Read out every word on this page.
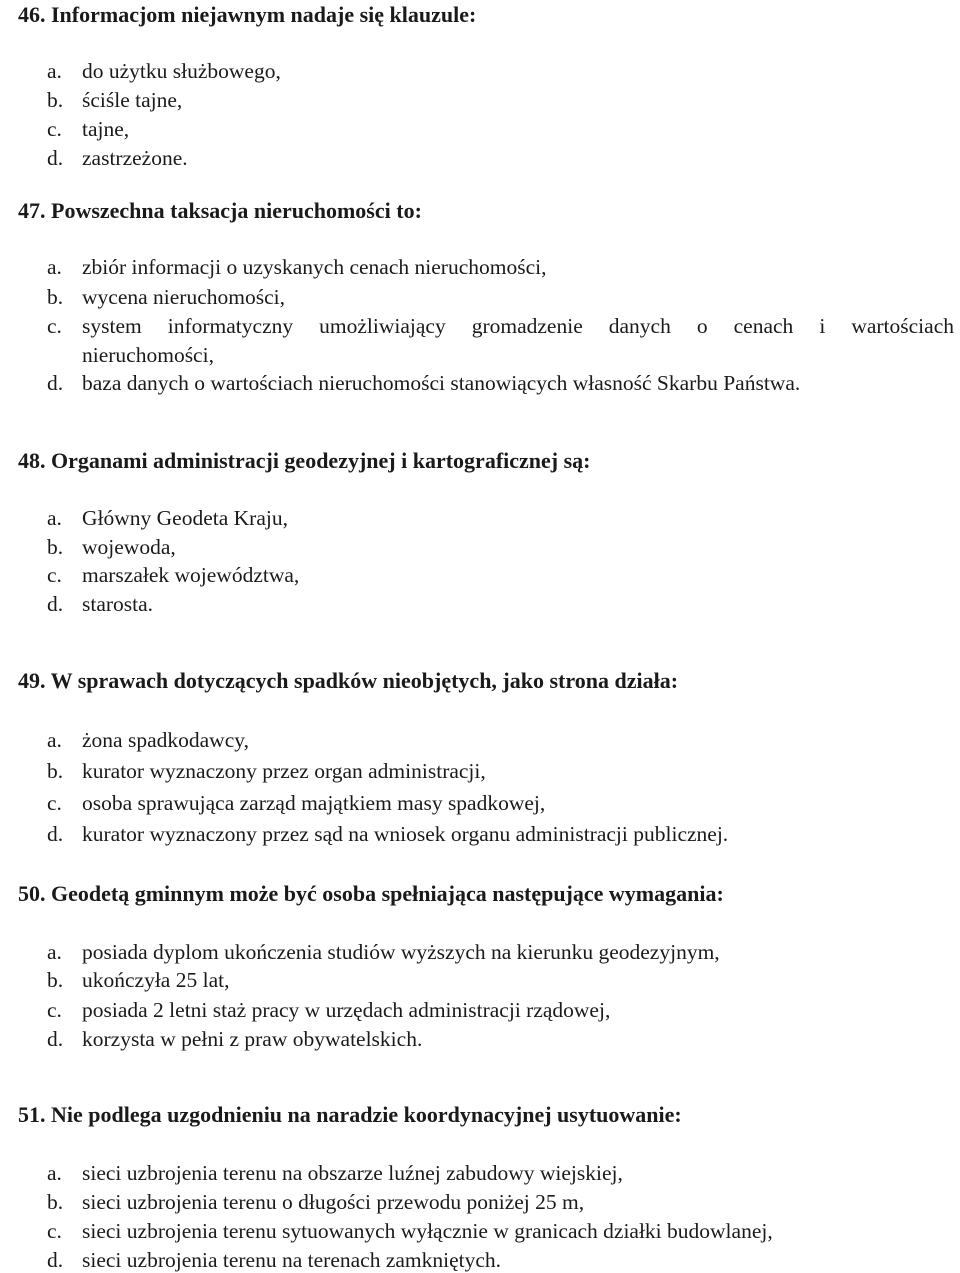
46. Informacjom niejawnym nadaje się klauzule:
a. do użytku służbowego,
b. ściśle tajne,
c. tajne,
d. zastrzeżone.
47. Powszechna taksacja nieruchomości to:
a. zbiór informacji o uzyskanych cenach nieruchomości,
b. wycena nieruchomości,
c. system informatyczny umożliwiający gromadzenie danych o cenach i wartościach
nieruchomości,
d. baza danych o wartościach nieruchomości stanowiących własność Skarbu Państwa.
48. Organami administracji geodezyjnej i kartograficznej są:
a. Główny Geodeta Kraju,
b. wojewoda,
c. marszałek województwa,
d. starosta.
49. W sprawach dotyczących spadków nieobjętych, jako strona działa:
a. żona spadkodawcy,
b. kurator wyznaczony przez organ administracji,
c. osoba sprawująca zarząd majątkiem masy spadkowej,
d. kurator wyznaczony przez sąd na wniosek organu administracji publicznej.
50. Geodetą gminnym może być osoba spełniająca następujące wymagania:
a. posiada dyplom ukończenia studiów wyższych na kierunku geodezyjnym,
b. ukończyła 25 lat,
c. posiada 2 letni staż pracy w urzędach administracji rządowej,
d. korzysta w pełni z praw obywatelskich.
51. Nie podlega uzgodnieniu na naradzie koordynacyjnej usytuowanie:
a. sieci uzbrojenia terenu na obszarze luźnej zabudowy wiejskiej,
b. sieci uzbrojenia terenu o długości przewodu poniżej 25 m,
c. sieci uzbrojenia terenu sytuowanych wyłącznie w granicach działki budowlanej,
d. sieci uzbrojenia terenu na terenach zamkniętych.
